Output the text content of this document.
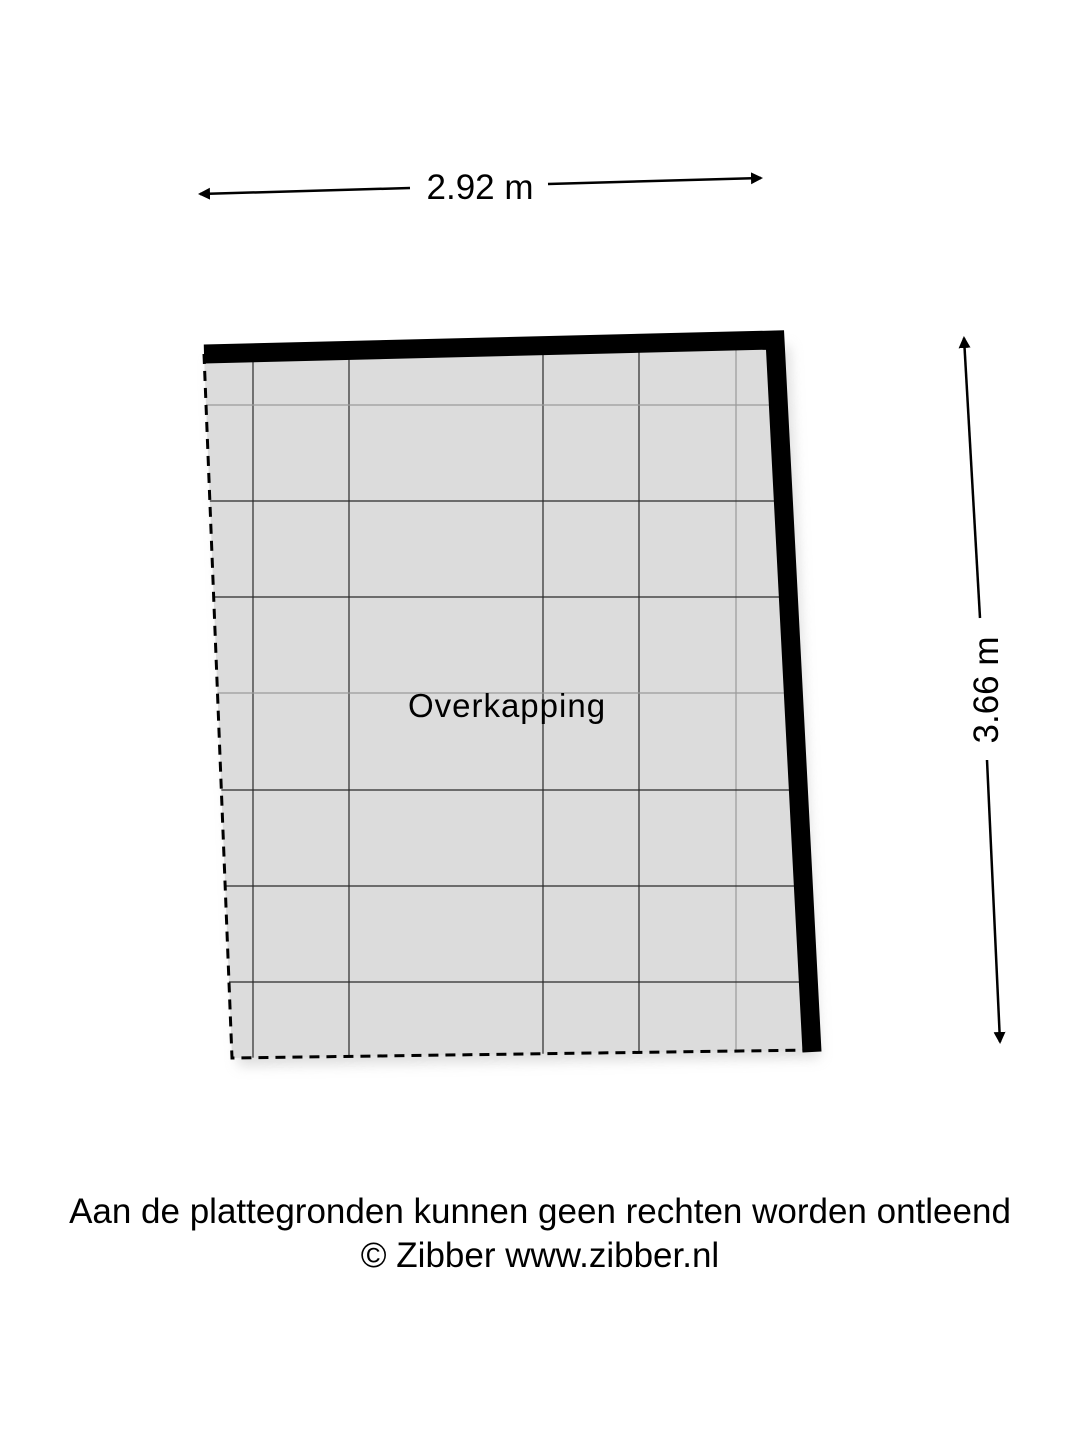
Overkapping
2.92 m
3.66 m
Aan de plattegronden kunnen geen rechten worden ontleend
© Zibber www.zibber.nl
